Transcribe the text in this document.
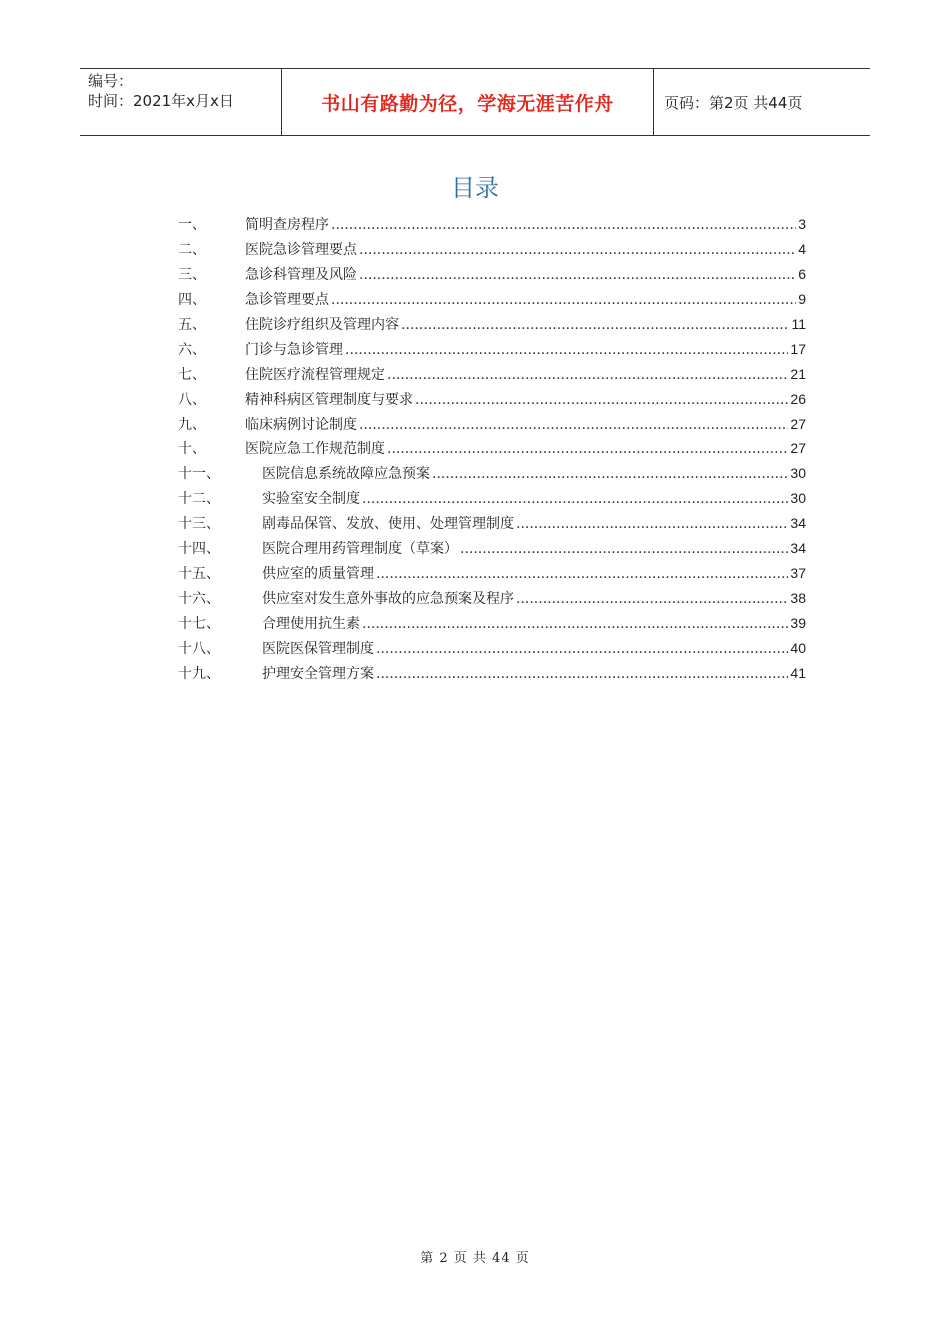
编号：
时间：2021年x月x日	书山有路勤为径，学海无涯苦作舟	页码：第2页 共44页
目录
一、	简明查房程序 .....	3
二、	医院急诊管理要点 .....	4
三、	急诊科管理及风险 .....	6
四、	急诊管理要点 .....	9
五、	住院诊疗组织及管理内容 .....	11
六、	门诊与急诊管理 .....	17
七、	住院医疗流程管理规定 .....	21
八、	精神科病区管理制度与要求 .....	26
九、	临床病例讨论制度 .....	27
十、	医院应急工作规范制度 .....	27
十一、	医院信息系统故障应急预案 .....	30
十二、	实验室安全制度 .....	30
十三、	剧毒品保管、发放、使用、处理管理制度 .....	34
十四、	医院合理用药管理制度（草案） .....	34
十五、	供应室的质量管理 .....	37
十六、	供应室对发生意外事故的应急预案及程序 .....	38
十七、	合理使用抗生素 .....	39
十八、	医院医保管理制度 .....	40
十九、	护理安全管理方案 .....	41
第 2 页 共 44 页
